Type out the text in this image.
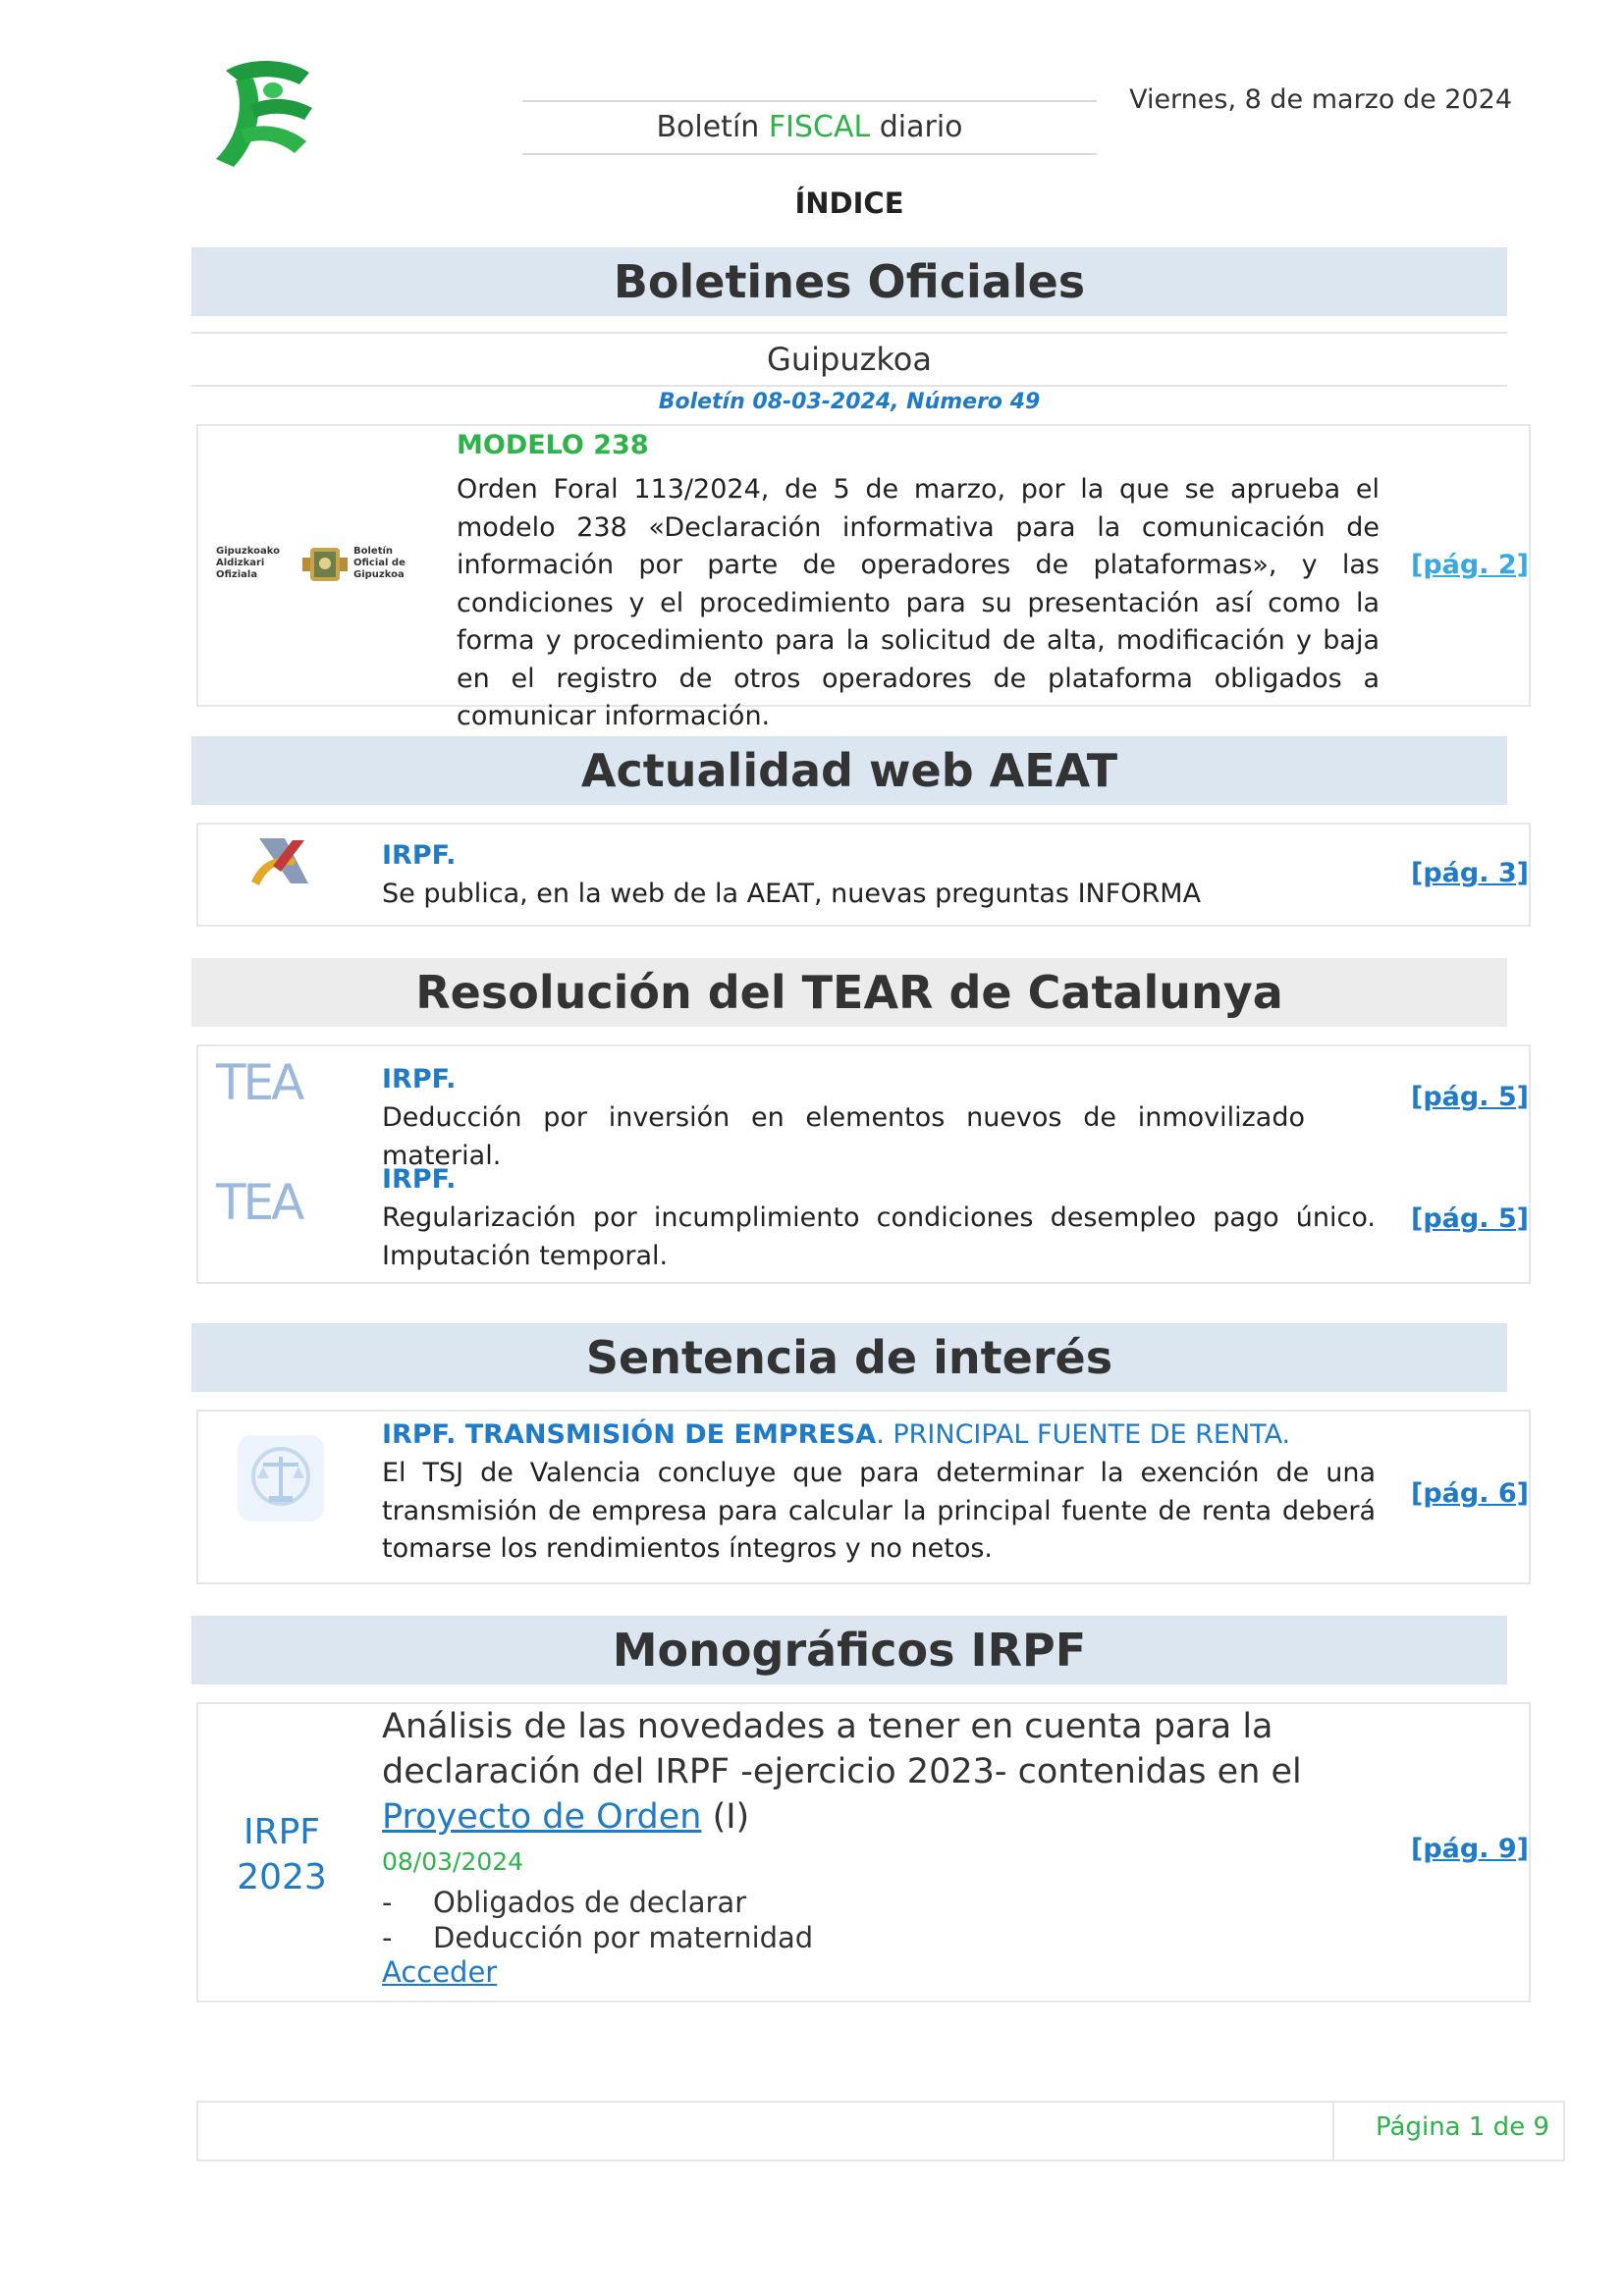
Boletín FISCAL diario
Viernes, 8 de marzo de 2024
ÍNDICE
Boletines Oficiales
Guipuzkoa
Boletín 08-03-2024, Número 49
Gipuzkoako
Aldizkari
Ofiziala
Boletín
Oficial de
Gipuzkoa
MODELO 238
Orden Foral 113/2024, de 5 de marzo, por la que se aprueba el modelo 238 «Declaración informativa para la comunicación de información por parte de operadores de plataformas», y las condiciones y el procedimiento para su presentación así como la forma y procedimiento para la solicitud de alta, modificación y baja en el registro de otros operadores de plataforma obligados a comunicar información.
[pág. 2]
Actualidad web AEAT
IRPF.
Se publica, en la web de la AEAT, nuevas preguntas INFORMA
[pág. 3]
Resolución del TEAR de Catalunya
TEA	IRPF.
Deducción por inversión en elementos nuevos de inmovilizado material.
[pág. 5]
TEA	IRPF.
Regularización por incumplimiento condiciones desempleo pago único. Imputación temporal.
[pág. 5]
Sentencia de interés
IRPF. TRANSMISIÓN DE EMPRESA. PRINCIPAL FUENTE DE RENTA.
El TSJ de Valencia concluye que para determinar la exención de una transmisión de empresa para calcular la principal fuente de renta deberá tomarse los rendimientos íntegros y no netos.
[pág. 6]
Monográficos IRPF
IRPF
2023
Análisis de las novedades a tener en cuenta para la declaración del IRPF -ejercicio 2023- contenidas en el Proyecto de Orden (I)
08/03/2024
- Obligados de declarar
- Deducción por maternidad
Acceder
[pág. 9]
Página 1 de 9
